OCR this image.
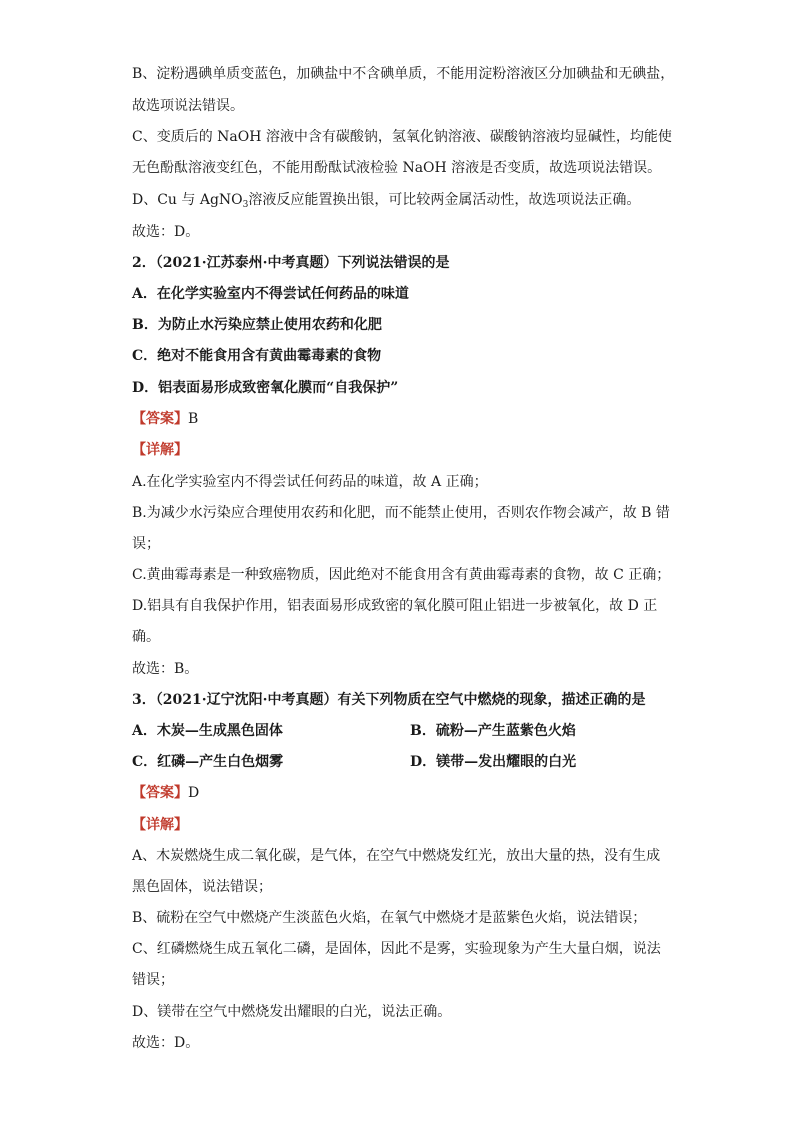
B、淀粉遇碘单质变蓝色，加碘盐中不含碘单质，不能用淀粉溶液区分加碘盐和无碘盐，
故选项说法错误。
C、变质后的 NaOH 溶液中含有碳酸钠，氢氧化钠溶液、碳酸钠溶液均显碱性，均能使
无色酚酞溶液变红色，不能用酚酞试液检验 NaOH 溶液是否变质，故选项说法错误。
D、Cu 与 AgNO$_3$溶液反应能置换出银，可比较两金属活动性，故选项说法正确。
故选：D。
2．（2021·江苏泰州·中考真题）下列说法错误的是
A．在化学实验室内不得尝试任何药品的味道
B．为防止水污染应禁止使用农药和化肥
C．绝对不能食用含有黄曲霉毒素的食物
D．铝表面易形成致密氧化膜而“自我保护”
【答案】B
【详解】
A.在化学实验室内不得尝试任何药品的味道，故 A 正确；
B.为减少水污染应合理使用农药和化肥，而不能禁止使用，否则农作物会减产，故 B 错
误；
C.黄曲霉毒素是一种致癌物质，因此绝对不能食用含有黄曲霉毒素的食物，故 C 正确；
D.铝具有自我保护作用，铝表面易形成致密的氧化膜可阻止铝进一步被氧化，故 D 正
确。
故选：B。
3．（2021·辽宁沈阳·中考真题）有关下列物质在空气中燃烧的现象，描述正确的是
A．木炭—生成黑色固体	B．硫粉—产生蓝紫色火焰
C．红磷—产生白色烟雾	D．镁带—发出耀眼的白光
【答案】D
【详解】
A、木炭燃烧生成二氧化碳，是气体，在空气中燃烧发红光，放出大量的热，没有生成
黑色固体，说法错误；
B、硫粉在空气中燃烧产生淡蓝色火焰，在氧气中燃烧才是蓝紫色火焰，说法错误；
C、红磷燃烧生成五氧化二磷，是固体，因此不是雾，实验现象为产生大量白烟，说法
错误；
D、镁带在空气中燃烧发出耀眼的白光，说法正确。
故选：D。
